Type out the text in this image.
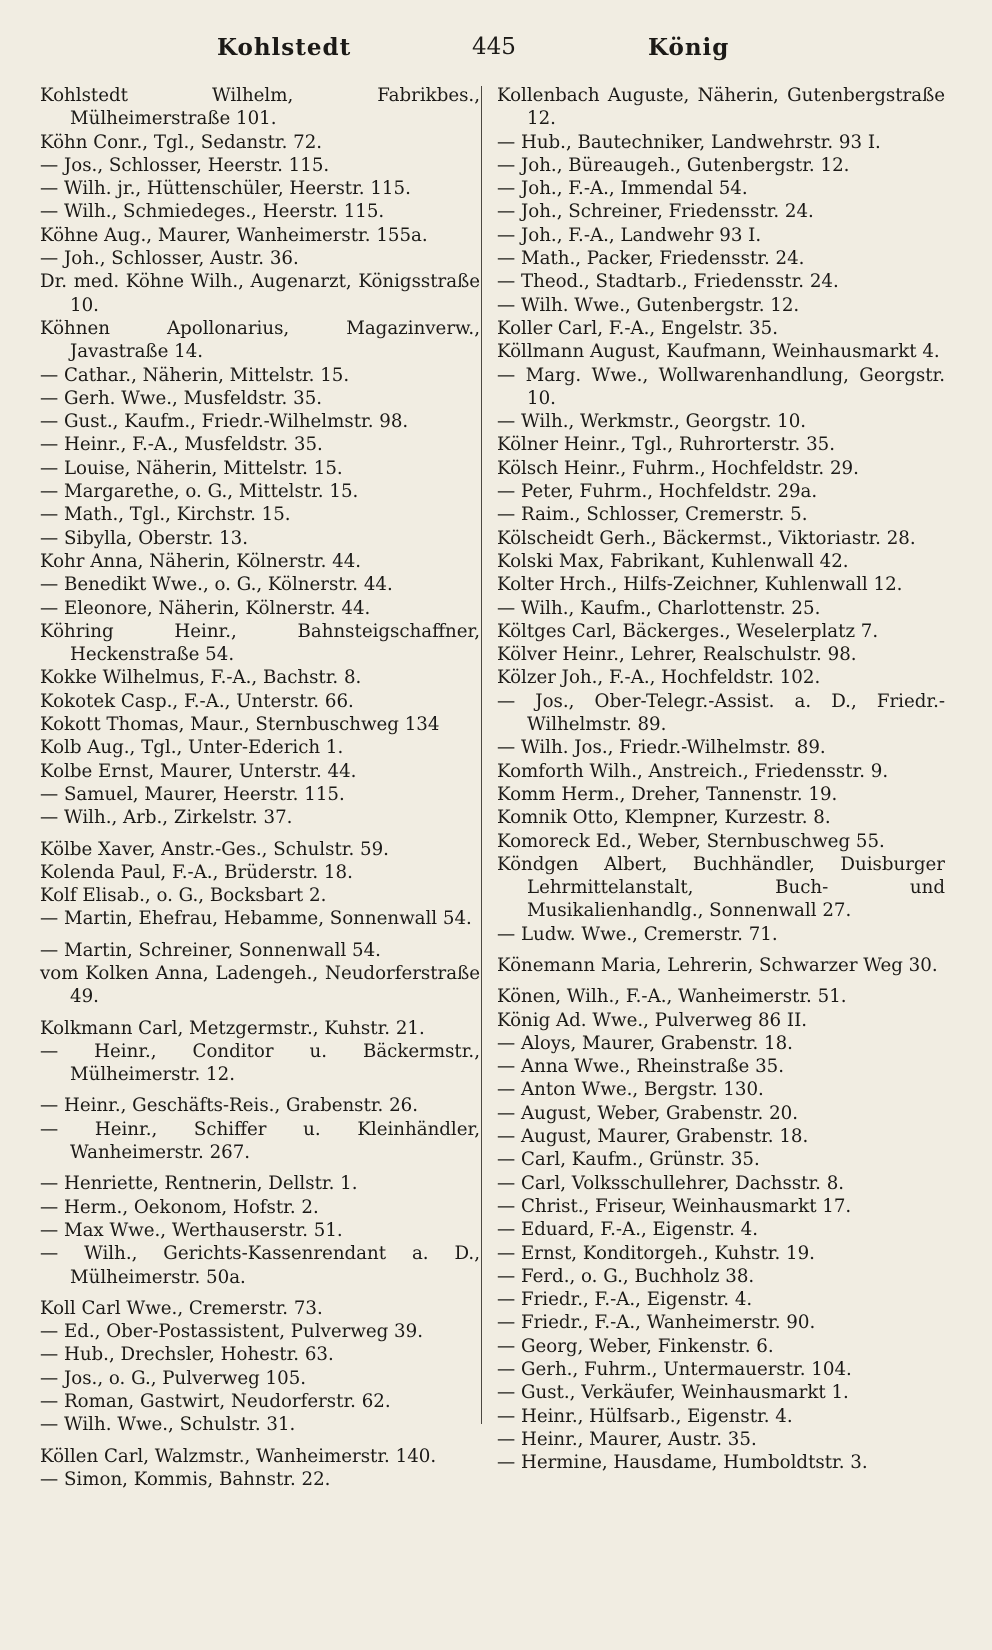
Kohlstedt	445	König
Kohlstedt Wilhelm, Fabrikbes., Mülheimerstraße 101.
Köhn Conr., Tgl., Sedanstr. 72.
— Jos., Schlosser, Heerstr. 115.
— Wilh. jr., Hüttenschüler, Heerstr. 115.
— Wilh., Schmiedeges., Heerstr. 115.
Köhne Aug., Maurer, Wanheimerstr. 155a.
— Joh., Schlosser, Austr. 36.
Dr. med. Köhne Wilh., Augenarzt, Königsstraße 10.
Köhnen Apollonarius, Magazinverw., Javastraße 14.
— Cathar., Näherin, Mittelstr. 15.
— Gerh. Wwe., Musfeldstr. 35.
— Gust., Kaufm., Friedr.-Wilhelmstr. 98.
— Heinr., F.-A., Musfeldstr. 35.
— Louise, Näherin, Mittelstr. 15.
— Margarethe, o. G., Mittelstr. 15.
— Math., Tgl., Kirchstr. 15.
— Sibylla, Oberstr. 13.
Kohr Anna, Näherin, Kölnerstr. 44.
— Benedikt Wwe., o. G., Kölnerstr. 44.
— Eleonore, Näherin, Kölnerstr. 44.
Köhring Heinr., Bahnsteigschaffner, Heckenstraße 54.
Kokke Wilhelmus, F.-A., Bachstr. 8.
Kokotek Casp., F.-A., Unterstr. 66.
Kokott Thomas, Maur., Sternbuschweg 134
Kolb Aug., Tgl., Unter-Ederich 1.
Kolbe Ernst, Maurer, Unterstr. 44.
— Samuel, Maurer, Heerstr. 115.
— Wilh., Arb., Zirkelstr. 37.
Kölbe Xaver, Anstr.-Ges., Schulstr. 59.
Kolenda Paul, F.-A., Brüderstr. 18.
Kolf Elisab., o. G., Bocksbart 2.
— Martin, Ehefrau, Hebamme, Sonnenwall 54.
— Martin, Schreiner, Sonnenwall 54.
vom Kolken Anna, Ladengeh., Neudorferstraße 49.
Kolkmann Carl, Metzgermstr., Kuhstr. 21.
— Heinr., Conditor u. Bäckermstr., Mülheimerstr. 12.
— Heinr., Geschäfts-Reis., Grabenstr. 26.
— Heinr., Schiffer u. Kleinhändler, Wanheimerstr. 267.
— Henriette, Rentnerin, Dellstr. 1.
— Herm., Oekonom, Hofstr. 2.
— Max Wwe., Werthauserstr. 51.
— Wilh., Gerichts-Kassenrendant a. D., Mülheimerstr. 50a.
Koll Carl Wwe., Cremerstr. 73.
— Ed., Ober-Postassistent, Pulverweg 39.
— Hub., Drechsler, Hohestr. 63.
— Jos., o. G., Pulverweg 105.
— Roman, Gastwirt, Neudorferstr. 62.
— Wilh. Wwe., Schulstr. 31.
Köllen Carl, Walzmstr., Wanheimerstr. 140.
— Simon, Kommis, Bahnstr. 22.
Kollenbach Auguste, Näherin, Gutenbergstraße 12.
— Hub., Bautechniker, Landwehrstr. 93 I.
— Joh., Büreaugeh., Gutenbergstr. 12.
— Joh., F.-A., Immendal 54.
— Joh., Schreiner, Friedensstr. 24.
— Joh., F.-A., Landwehr 93 I.
— Math., Packer, Friedensstr. 24.
— Theod., Stadtarb., Friedensstr. 24.
— Wilh. Wwe., Gutenbergstr. 12.
Koller Carl, F.-A., Engelstr. 35.
Köllmann August, Kaufmann, Weinhausmarkt 4.
— Marg. Wwe., Wollwarenhandlung, Georgstr. 10.
— Wilh., Werkmstr., Georgstr. 10.
Kölner Heinr., Tgl., Ruhrorterstr. 35.
Kölsch Heinr., Fuhrm., Hochfeldstr. 29.
— Peter, Fuhrm., Hochfeldstr. 29a.
— Raim., Schlosser, Cremerstr. 5.
Kölscheidt Gerh., Bäckermst., Viktoriastr. 28.
Kolski Max, Fabrikant, Kuhlenwall 42.
Kolter Hrch., Hilfs-Zeichner, Kuhlenwall 12.
— Wilh., Kaufm., Charlottenstr. 25.
Költges Carl, Bäckerges., Weselerplatz 7.
Kölver Heinr., Lehrer, Realschulstr. 98.
Kölzer Joh., F.-A., Hochfeldstr. 102.
— Jos., Ober-Telegr.-Assist. a. D., Friedr.-Wilhelmstr. 89.
— Wilh. Jos., Friedr.-Wilhelmstr. 89.
Komforth Wilh., Anstreich., Friedensstr. 9.
Komm Herm., Dreher, Tannenstr. 19.
Komnik Otto, Klempner, Kurzestr. 8.
Komoreck Ed., Weber, Sternbuschweg 55.
Köndgen Albert, Buchhändler, Duisburger Lehrmittelanstalt, Buch- und Musikalienhandlg., Sonnenwall 27.
— Ludw. Wwe., Cremerstr. 71.
Könemann Maria, Lehrerin, Schwarzer Weg 30.
Könen, Wilh., F.-A., Wanheimerstr. 51.
König Ad. Wwe., Pulverweg 86 II.
— Aloys, Maurer, Grabenstr. 18.
— Anna Wwe., Rheinstraße 35.
— Anton Wwe., Bergstr. 130.
— August, Weber, Grabenstr. 20.
— August, Maurer, Grabenstr. 18.
— Carl, Kaufm., Grünstr. 35.
— Carl, Volksschullehrer, Dachsstr. 8.
— Christ., Friseur, Weinhausmarkt 17.
— Eduard, F.-A., Eigenstr. 4.
— Ernst, Konditorgeh., Kuhstr. 19.
— Ferd., o. G., Buchholz 38.
— Friedr., F.-A., Eigenstr. 4.
— Friedr., F.-A., Wanheimerstr. 90.
— Georg, Weber, Finkenstr. 6.
— Gerh., Fuhrm., Untermauerstr. 104.
— Gust., Verkäufer, Weinhausmarkt 1.
— Heinr., Hülfsarb., Eigenstr. 4.
— Heinr., Maurer, Austr. 35.
— Hermine, Hausdame, Humboldtstr. 3.
